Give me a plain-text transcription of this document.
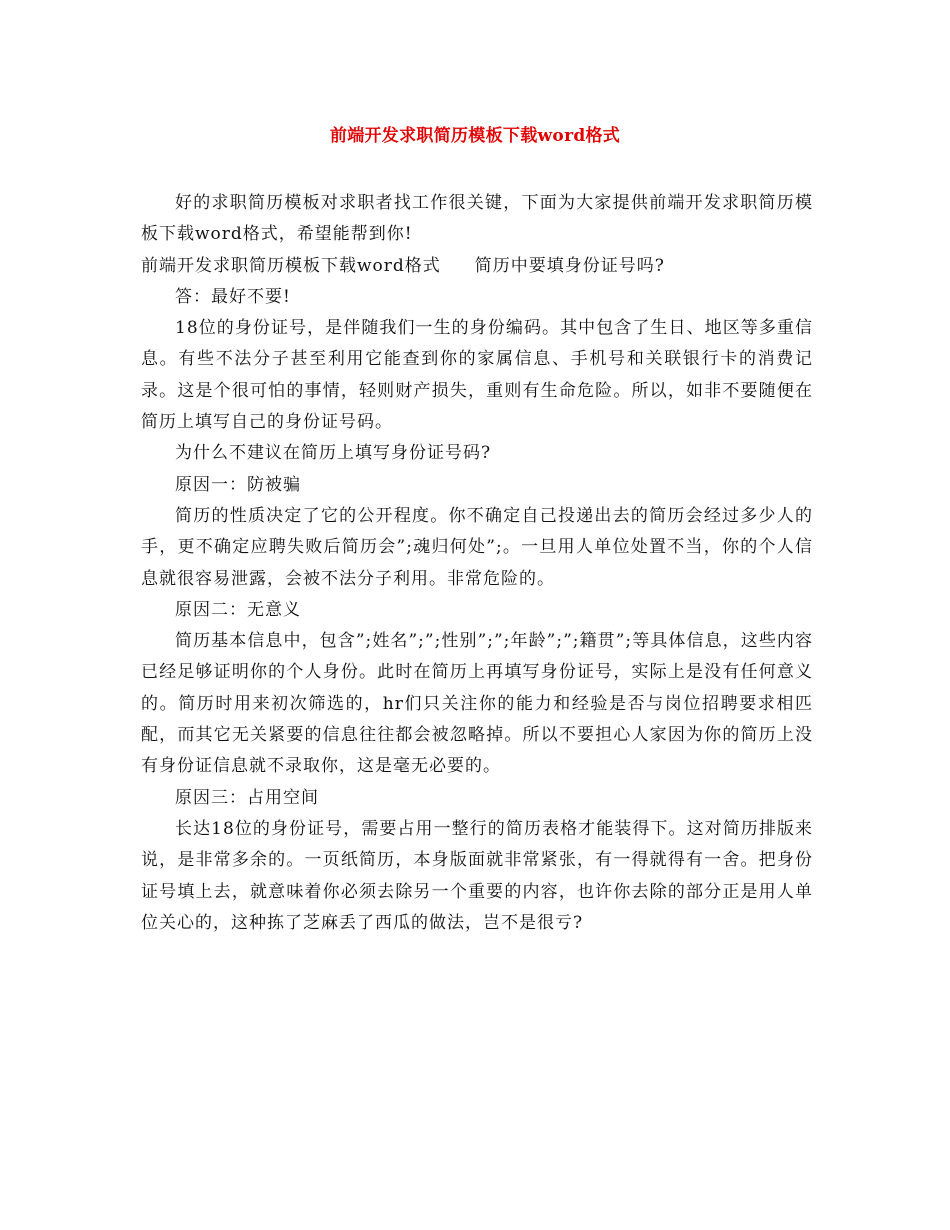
前端开发求职简历模板下载word格式

好的求职简历模板对求职者找工作很关键，下面为大家提供前端开发求职简历模板下载word格式，希望能帮到你!

前端开发求职简历模板下载word格式 简历中要填身份证号吗?

答：最好不要!

18位的身份证号，是伴随我们一生的身份编码。其中包含了生日、地区等多重信息。有些不法分子甚至利用它能查到你的家属信息、手机号和关联银行卡的消费记录。这是个很可怕的事情，轻则财产损失，重则有生命危险。所以，如非不要随便在简历上填写自己的身份证号码。

为什么不建议在简历上填写身份证号码?

原因一：防被骗

简历的性质决定了它的公开程度。你不确定自己投递出去的简历会经过多少人的手，更不确定应聘失败后简历会”;魂归何处”;。一旦用人单位处置不当，你的个人信息就很容易泄露，会被不法分子利用。非常危险的。

原因二：无意义

简历基本信息中，包含”;姓名”;”;性别”;”;年龄”;”;籍贯”;等具体信息，这些内容已经足够证明你的个人身份。此时在简历上再填写身份证号，实际上是没有任何意义的。简历时用来初次筛选的，hr们只关注你的能力和经验是否与岗位招聘要求相匹配，而其它无关紧要的信息往往都会被忽略掉。所以不要担心人家因为你的简历上没有身份证信息就不录取你，这是毫无必要的。

原因三：占用空间

长达18位的身份证号，需要占用一整行的简历表格才能装得下。这对简历排版来说，是非常多余的。一页纸简历，本身版面就非常紧张，有一得就得有一舍。把身份证号填上去，就意味着你必须去除另一个重要的内容，也许你去除的部分正是用人单位关心的，这种拣了芝麻丢了西瓜的做法，岂不是很亏?
